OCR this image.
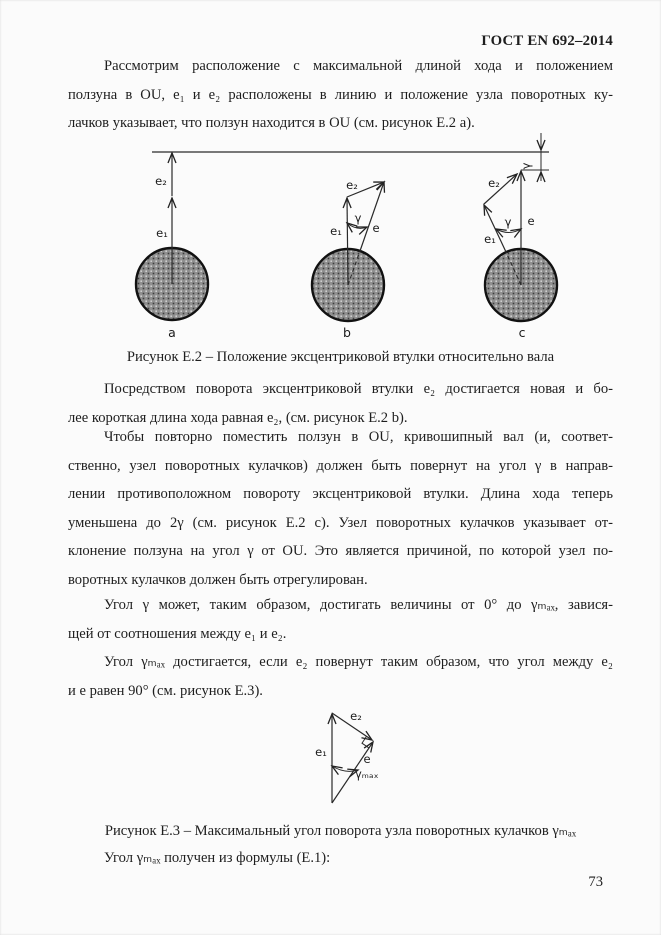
ГОСТ EN 692–2014
Рассмотрим расположение с максимальной длиной хода и положением
ползуна в OU, e₁ и e₂ расположены в линию и положение узла поворотных ку-
лачков указывает, что ползун находится в OU (см. рисунок Е.2 а).
γ
e₂
e₁
a
e₂
γ
e₁	e
b
e₂
γ e
e₁
c
Рисунок Е.2 – Положение эксцентриковой втулки относительно вала
Посредством поворота эксцентриковой втулки e₂ достигается новая и бо-
лее короткая длина хода равная e₂, (см. рисунок Е.2 b).
Чтобы повторно поместить ползун в OU, кривошипный вал (и, соответ-
ственно, узел поворотных кулачков) должен быть повернут на угол γ в направ-
лении противоположном повороту эксцентриковой втулки. Длина хода теперь
уменьшена до 2γ (см. рисунок Е.2 с). Узел поворотных кулачков указывает от-
клонение ползуна на угол γ от OU. Это является причиной, по которой узел по-
воротных кулачков должен быть отрегулирован.
Угол γ может, таким образом, достигать величины от 0° до γₘₐₓ, завися-
щей от соотношения между e₁ и e₂.
Угол γₘₐₓ достигается, если e₂ повернут таким образом, что угол между e₂
и e равен 90° (см. рисунок Е.3).
e₂
e₁	e
γₘₐₓ
Рисунок Е.3 – Максимальный угол поворота узла поворотных кулачков γₘₐₓ
Угол γₘₐₓ получен из формулы (Е.1):
73
